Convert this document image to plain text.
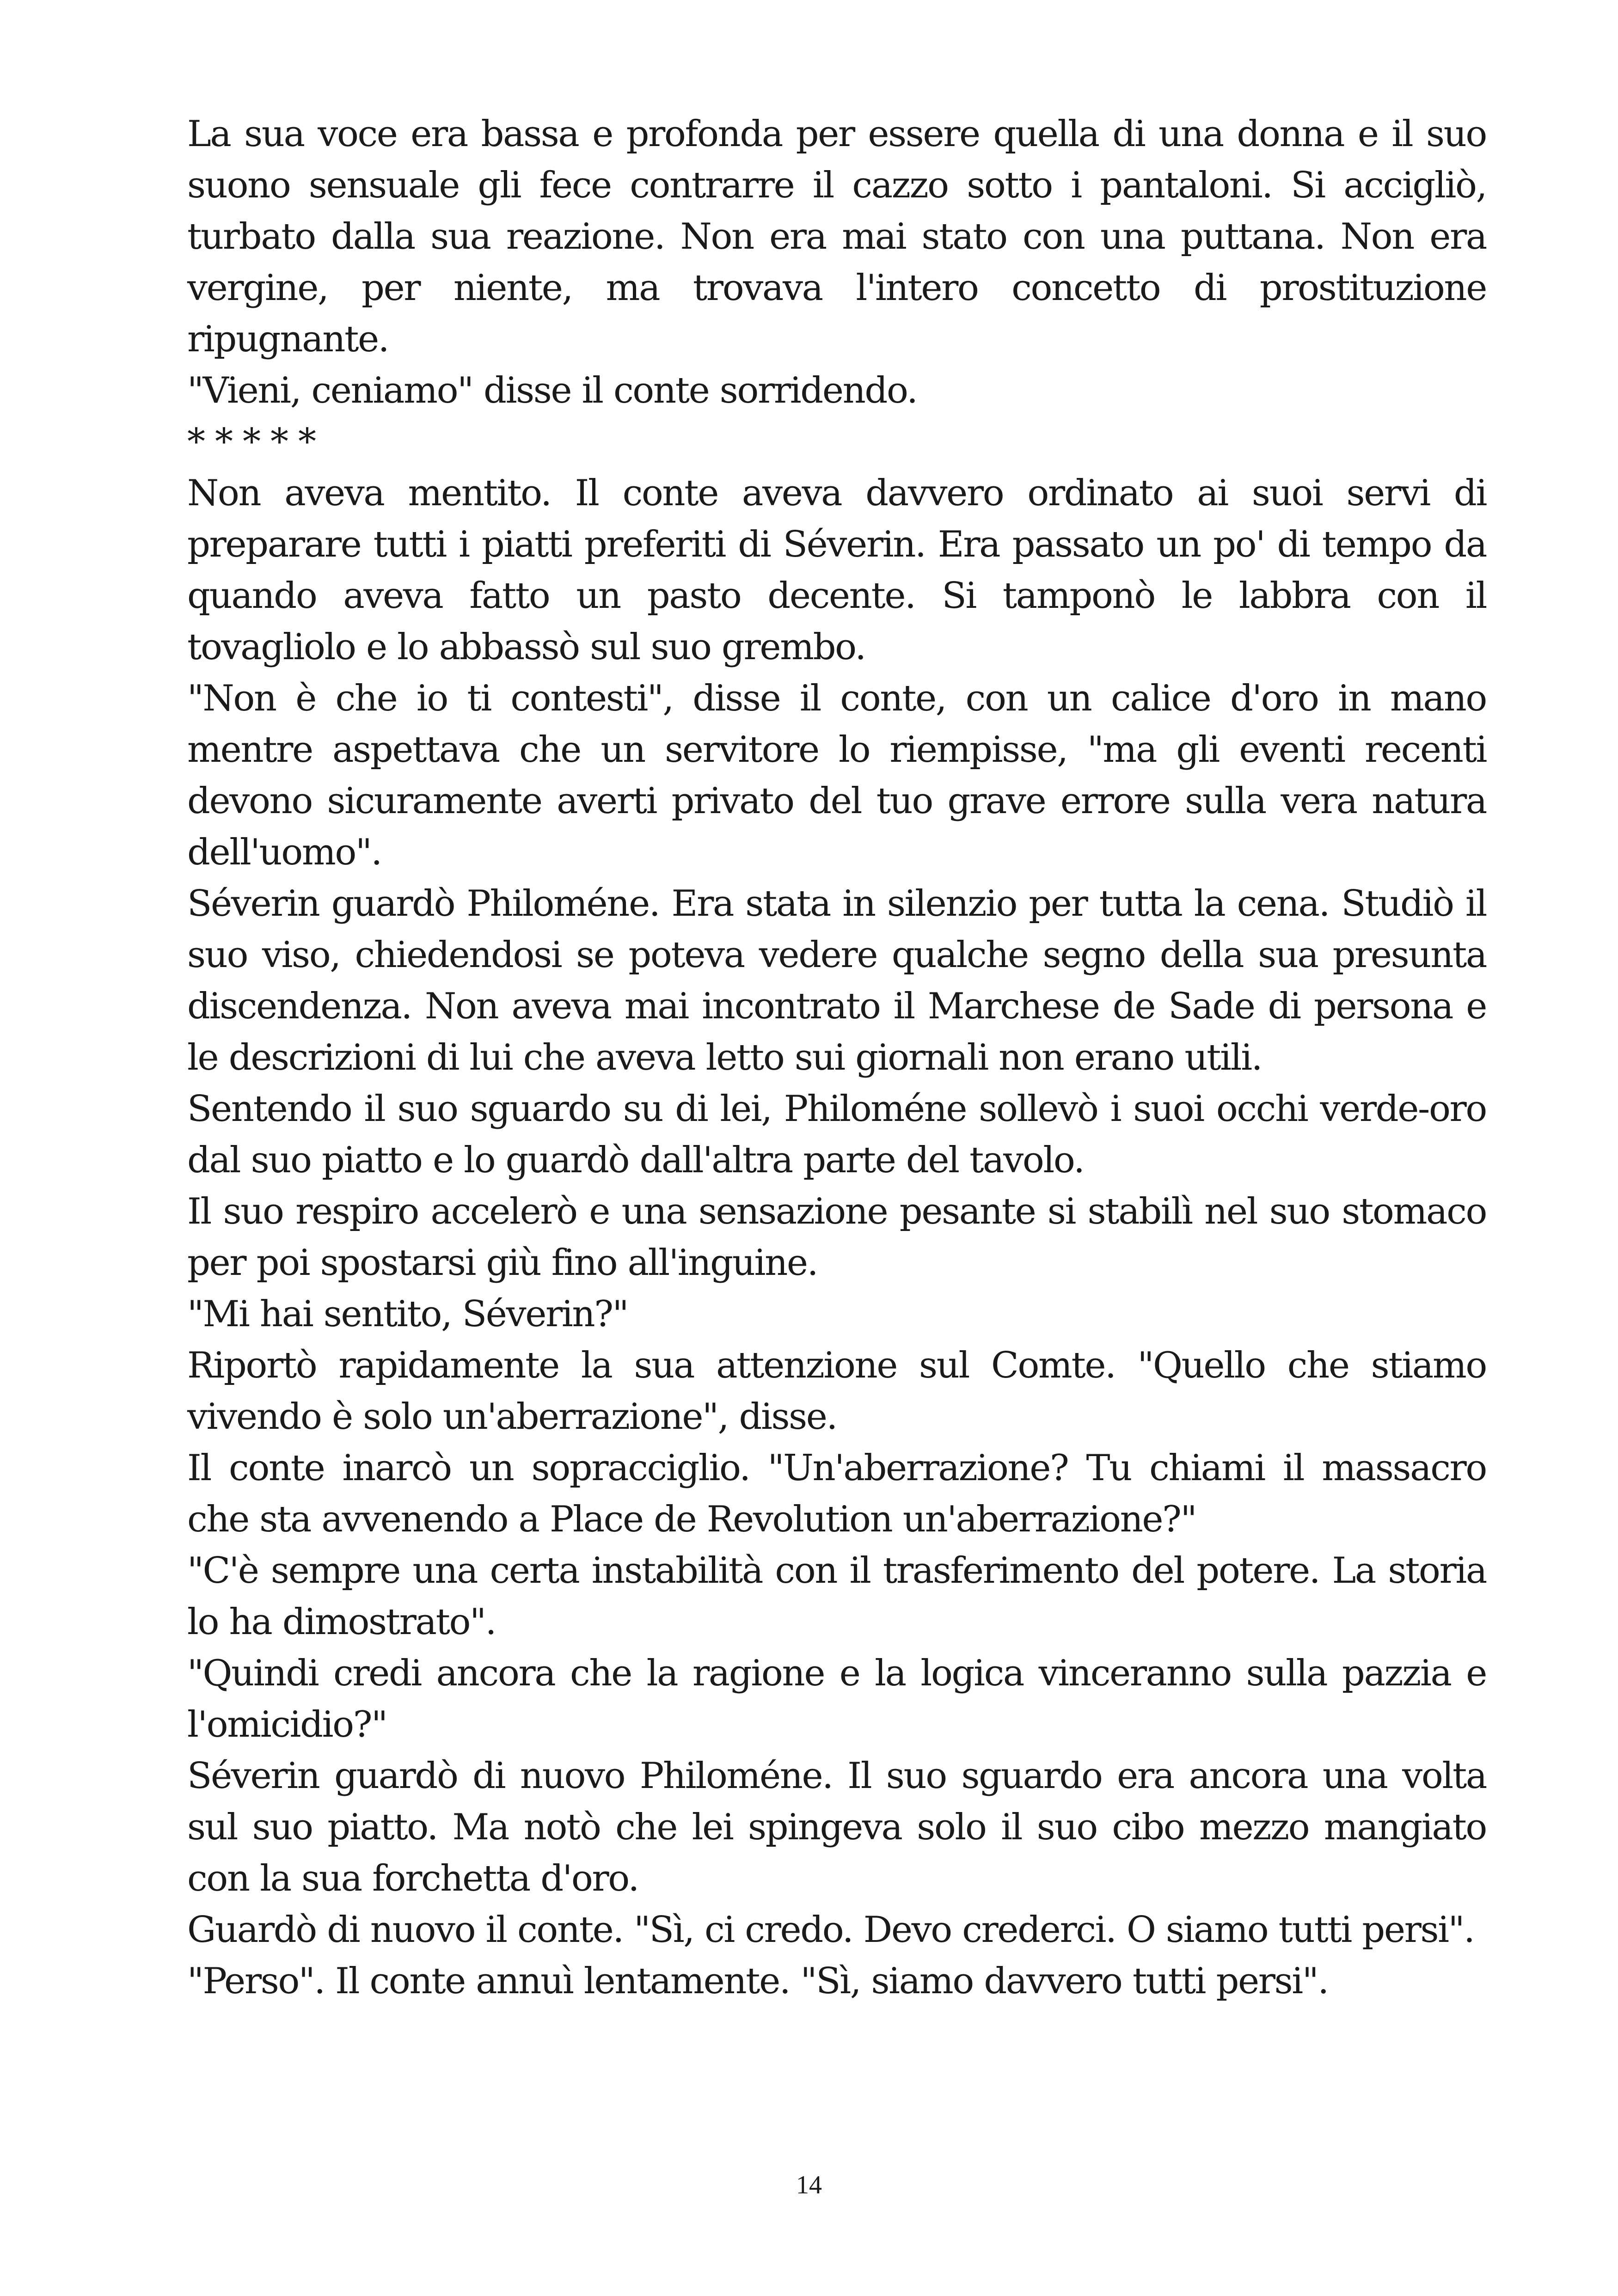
La sua voce era bassa e profonda per essere quella di una donna e il suo suono sensuale gli fece contrarre il cazzo sotto i pantaloni. Si accigliò, turbato dalla sua reazione. Non era mai stato con una puttana. Non era vergine, per niente, ma trovava l'intero concetto di prostituzione ripugnante.

"Vieni, ceniamo" disse il conte sorridendo.

* * * * *

Non aveva mentito. Il conte aveva davvero ordinato ai suoi servi di preparare tutti i piatti preferiti di Séverin. Era passato un po' di tempo da quando aveva fatto un pasto decente. Si tamponò le labbra con il tovagliolo e lo abbassò sul suo grembo.

"Non è che io ti contesti", disse il conte, con un calice d'oro in mano mentre aspettava che un servitore lo riempisse, "ma gli eventi recenti devono sicuramente averti privato del tuo grave errore sulla vera natura dell'uomo".

Séverin guardò Philoméne. Era stata in silenzio per tutta la cena. Studiò il suo viso, chiedendosi se poteva vedere qualche segno della sua presunta discendenza. Non aveva mai incontrato il Marchese de Sade di persona e le descrizioni di lui che aveva letto sui giornali non erano utili.

Sentendo il suo sguardo su di lei, Philoméne sollevò i suoi occhi verde-oro dal suo piatto e lo guardò dall'altra parte del tavolo.

Il suo respiro accelerò e una sensazione pesante si stabilì nel suo stomaco per poi spostarsi giù fino all'inguine.

"Mi hai sentito, Séverin?"

Riportò rapidamente la sua attenzione sul Comte. "Quello che stiamo vivendo è solo un'aberrazione", disse.

Il conte inarcò un sopracciglio. "Un'aberrazione? Tu chiami il massacro che sta avvenendo a Place de Revolution un'aberrazione?"

"C'è sempre una certa instabilità con il trasferimento del potere. La storia lo ha dimostrato".

"Quindi credi ancora che la ragione e la logica vinceranno sulla pazzia e l'omicidio?"

Séverin guardò di nuovo Philoméne. Il suo sguardo era ancora una volta sul suo piatto. Ma notò che lei spingeva solo il suo cibo mezzo mangiato con la sua forchetta d'oro.

Guardò di nuovo il conte. "Sì, ci credo. Devo crederci. O siamo tutti persi".

"Perso". Il conte annuì lentamente. "Sì, siamo davvero tutti persi".

14
